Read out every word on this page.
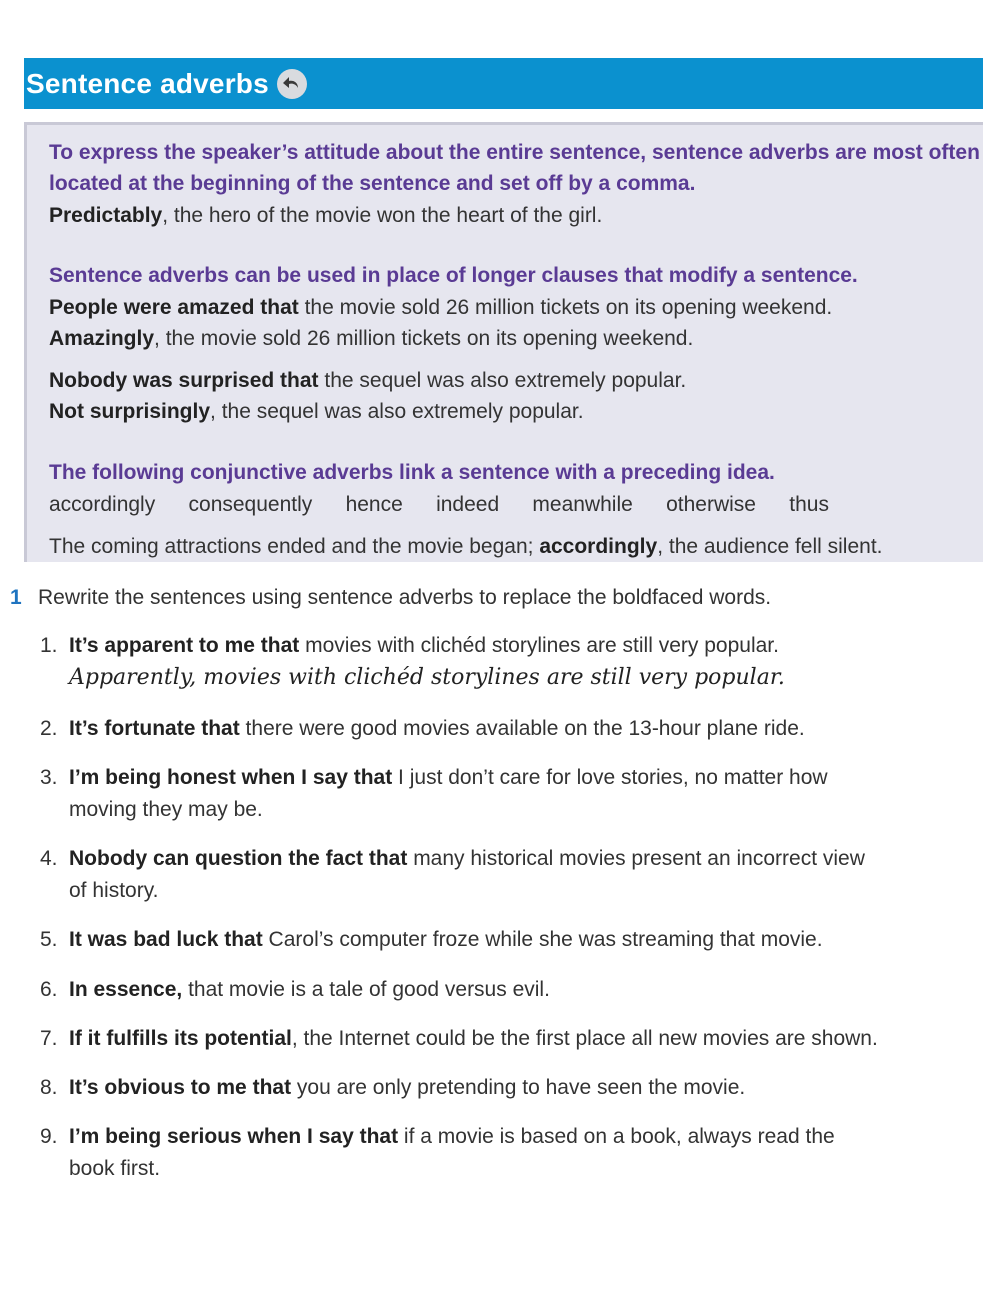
Sentence adverbs
To express the speaker’s attitude about the entire sentence, sentence adverbs are most often
located at the beginning of the sentence and set off by a comma.
Predictably, the hero of the movie won the heart of the girl.
Sentence adverbs can be used in place of longer clauses that modify a sentence.
People were amazed that the movie sold 26 million tickets on its opening weekend.
Amazingly, the movie sold 26 million tickets on its opening weekend.
Nobody was surprised that the sequel was also extremely popular.
Not surprisingly, the sequel was also extremely popular.
The following conjunctive adverbs link a sentence with a preceding idea.
accordingly consequently hence indeed meanwhile otherwise thus
The coming attractions ended and the movie began; accordingly, the audience fell silent.
1 Rewrite the sentences using sentence adverbs to replace the boldfaced words.
1. It’s apparent to me that movies with clichéd storylines are still very popular.
Apparently, movies with clichéd storylines are still very popular.
2. It’s fortunate that there were good movies available on the 13-hour plane ride.
3. I’m being honest when I say that I just don’t care for love stories, no matter how
moving they may be.
4. Nobody can question the fact that many historical movies present an incorrect view
of history.
5. It was bad luck that Carol’s computer froze while she was streaming that movie.
6. In essence, that movie is a tale of good versus evil.
7. If it fulfills its potential, the Internet could be the first place all new movies are shown.
8. It’s obvious to me that you are only pretending to have seen the movie.
9. I’m being serious when I say that if a movie is based on a book, always read the
book first.
